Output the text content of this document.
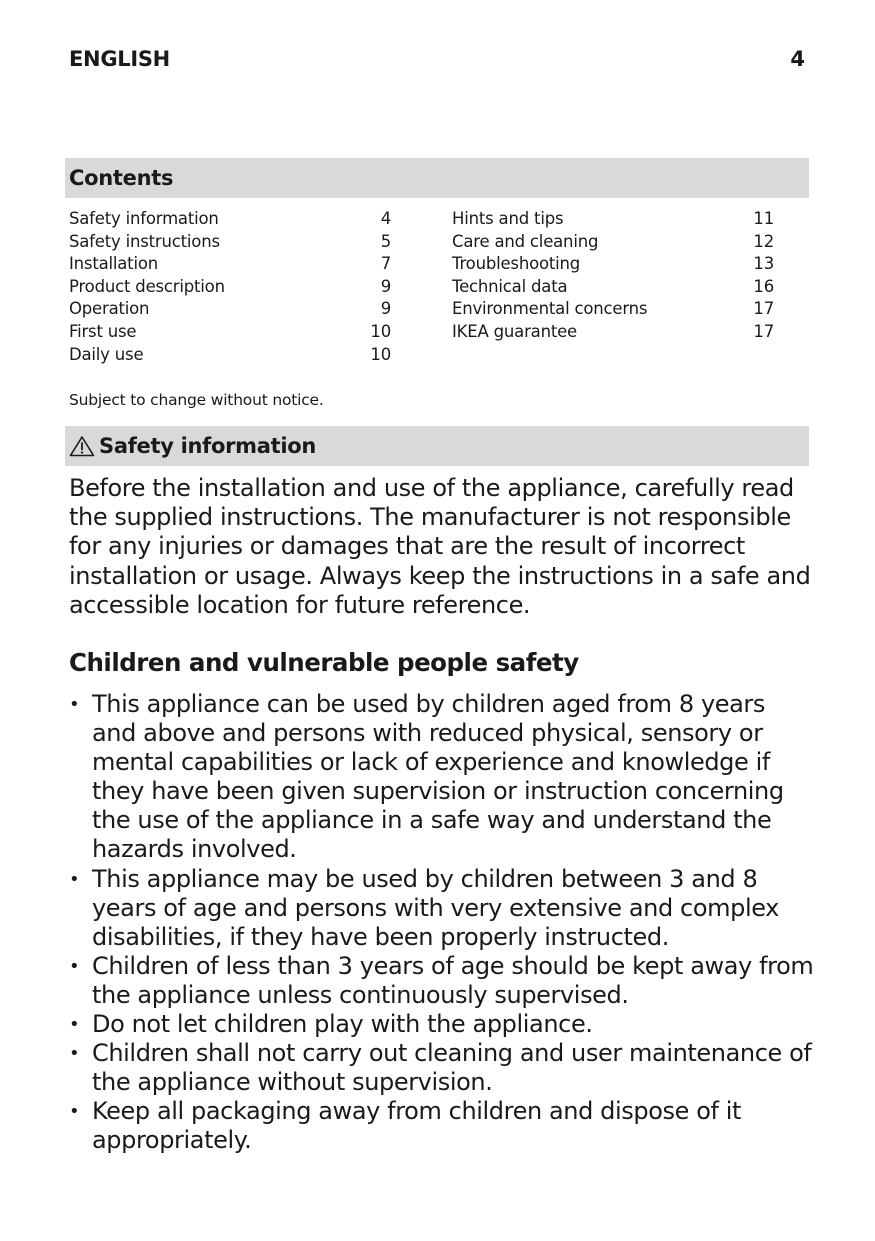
ENGLISH	4
Contents
Safety information	4
Safety instructions	5
Installation	7
Product description	9
Operation	9
First use	10
Daily use	10
Hints and tips	11
Care and cleaning	12
Troubleshooting	13
Technical data	16
Environmental concerns	17
IKEA guarantee	17
Subject to change without notice.
Safety information
Before the installation and use of the appliance, carefully read the supplied instructions. The manufacturer is not responsible for any injuries or damages that are the result of incorrect installation or usage. Always keep the instructions in a safe and accessible location for future reference.
Children and vulnerable people safety
• This appliance can be used by children aged from 8 years and above and persons with reduced physical, sensory or mental capabilities or lack of experience and knowledge if they have been given supervision or instruction concerning the use of the appliance in a safe way and understand the hazards involved.
• This appliance may be used by children between 3 and 8 years of age and persons with very extensive and complex disabilities, if they have been properly instructed.
• Children of less than 3 years of age should be kept away from the appliance unless continuously supervised.
• Do not let children play with the appliance.
• Children shall not carry out cleaning and user maintenance of the appliance without supervision.
• Keep all packaging away from children and dispose of it appropriately.
